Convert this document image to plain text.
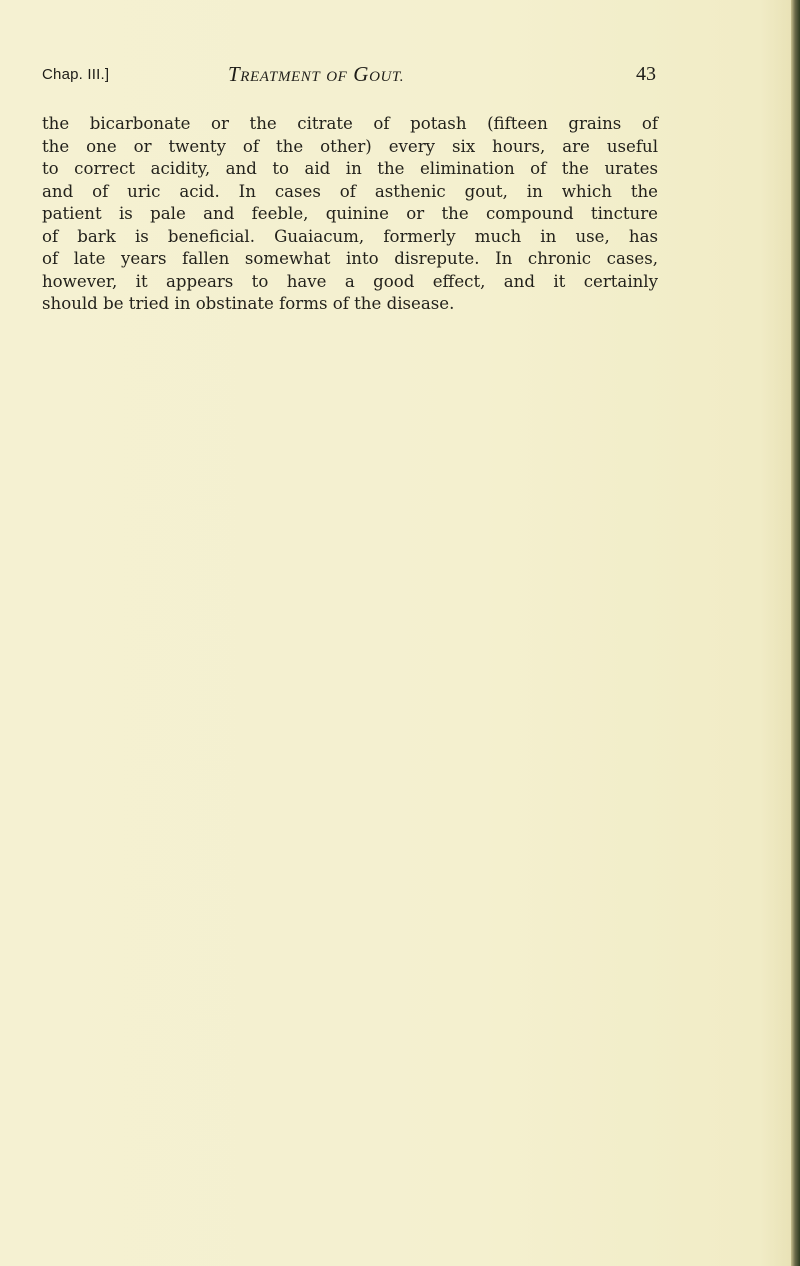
Chap. III.]	TREATMENT OF GOUT.	43

the bicarbonate or the citrate of potash (fifteen grains of
the one or twenty of the other) every six hours, are useful
to correct acidity, and to aid in the elimination of the urates
and of uric acid. In cases of asthenic gout, in which the
patient is pale and feeble, quinine or the compound tincture
of bark is beneficial. Guaiacum, formerly much in use, has
of late years fallen somewhat into disrepute. In chronic cases,
however, it appears to have a good effect, and it certainly
should be tried in obstinate forms of the disease.
